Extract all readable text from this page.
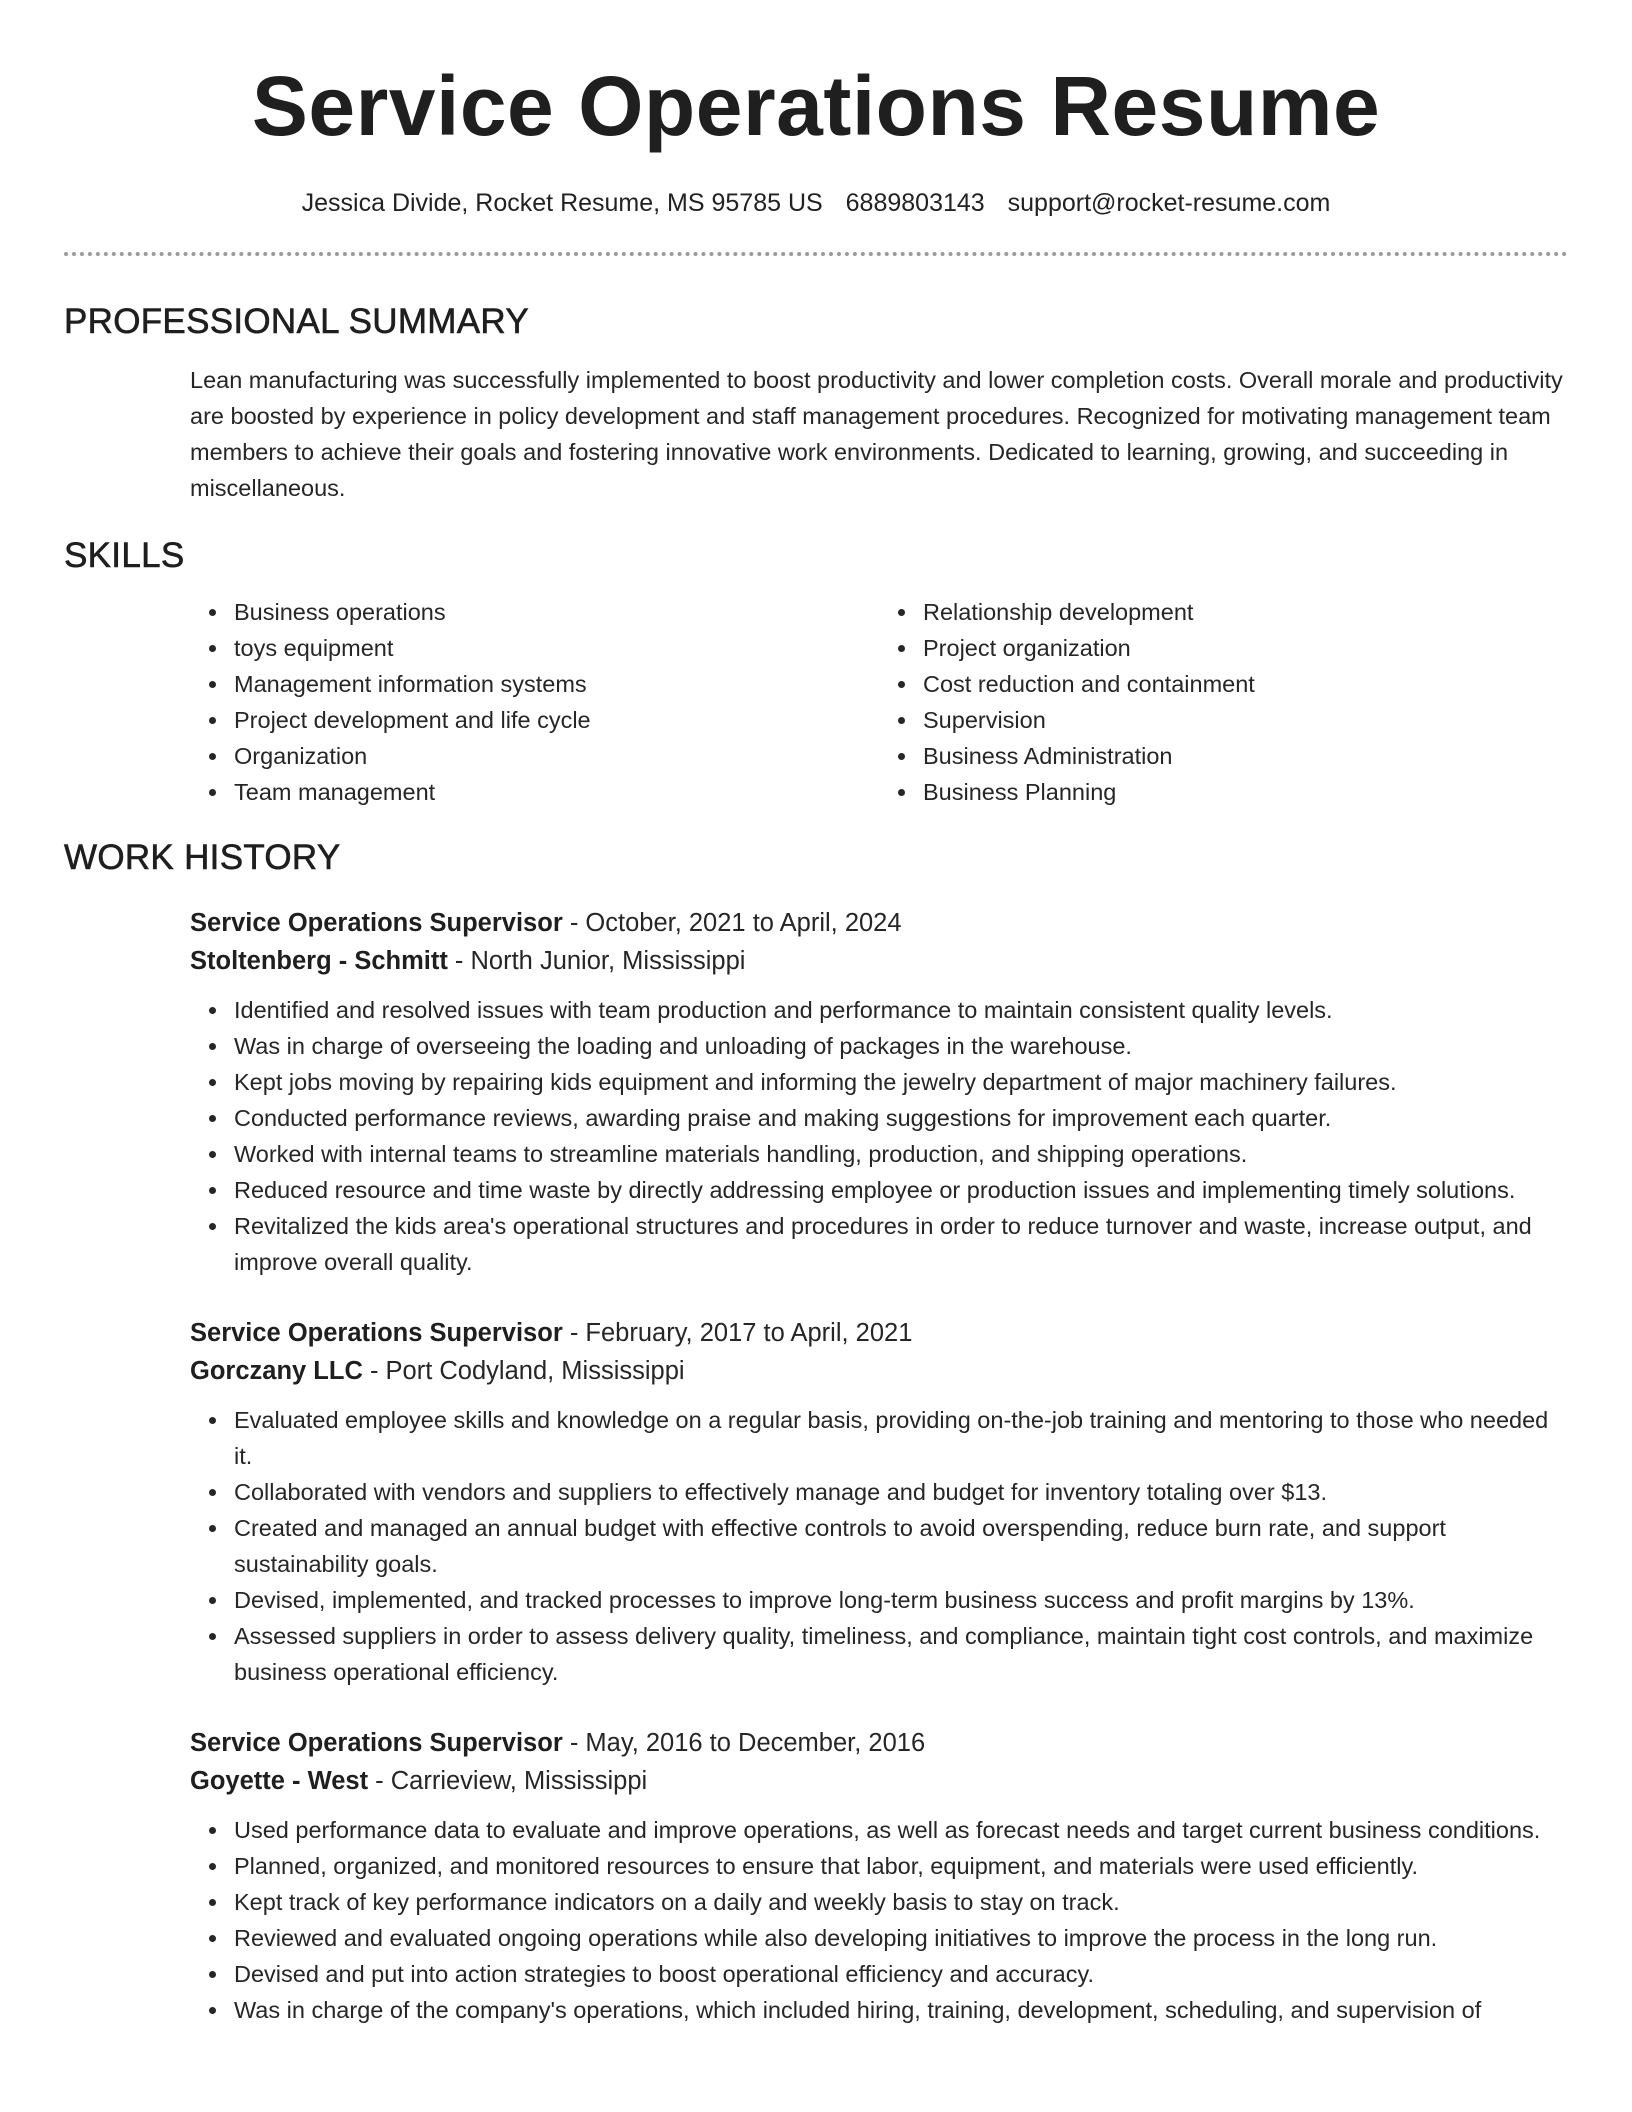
Service Operations Resume
Jessica Divide, Rocket Resume, MS 95785 US 6889803143 support@rocket-resume.com
PROFESSIONAL SUMMARY

Lean manufacturing was successfully implemented to boost productivity and lower completion costs. Overall morale and productivity are boosted by experience in policy development and staff management procedures. Recognized for motivating management team members to achieve their goals and fostering innovative work environments. Dedicated to learning, growing, and succeeding in miscellaneous.

SKILLS
Business operations
toys equipment
Management information systems
Project development and life cycle
Organization
Team management
Relationship development
Project organization
Cost reduction and containment
Supervision
Business Administration
Business Planning
WORK HISTORY
Service Operations Supervisor - October, 2021 to April, 2024
Stoltenberg - Schmitt - North Junior, Mississippi
Identified and resolved issues with team production and performance to maintain consistent quality levels.
Was in charge of overseeing the loading and unloading of packages in the warehouse.
Kept jobs moving by repairing kids equipment and informing the jewelry department of major machinery failures.
Conducted performance reviews, awarding praise and making suggestions for improvement each quarter.
Worked with internal teams to streamline materials handling, production, and shipping operations.
Reduced resource and time waste by directly addressing employee or production issues and implementing timely solutions.
Revitalized the kids area's operational structures and procedures in order to reduce turnover and waste, increase output, and improve overall quality.
Service Operations Supervisor - February, 2017 to April, 2021
Gorczany LLC - Port Codyland, Mississippi
Evaluated employee skills and knowledge on a regular basis, providing on-the-job training and mentoring to those who needed it.
Collaborated with vendors and suppliers to effectively manage and budget for inventory totaling over $13.
Created and managed an annual budget with effective controls to avoid overspending, reduce burn rate, and support sustainability goals.
Devised, implemented, and tracked processes to improve long-term business success and profit margins by 13%.
Assessed suppliers in order to assess delivery quality, timeliness, and compliance, maintain tight cost controls, and maximize business operational efficiency.
Service Operations Supervisor - May, 2016 to December, 2016
Goyette - West - Carrieview, Mississippi
Used performance data to evaluate and improve operations, as well as forecast needs and target current business conditions.
Planned, organized, and monitored resources to ensure that labor, equipment, and materials were used efficiently.
Kept track of key performance indicators on a daily and weekly basis to stay on track.
Reviewed and evaluated ongoing operations while also developing initiatives to improve the process in the long run.
Devised and put into action strategies to boost operational efficiency and accuracy.
Was in charge of the company's operations, which included hiring, training, development, scheduling, and supervision of
